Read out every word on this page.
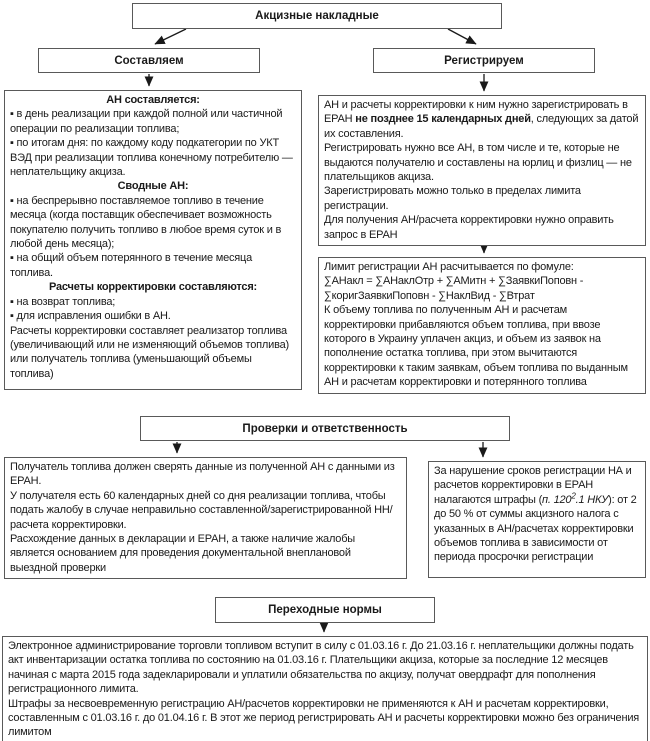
Акцизные накладные
Составляем	Регистрируем
АН составляется:
▪ в день реализации при каждой полной или частичной операции по реализации топлива;
▪ по итогам дня: по каждому коду подкатегории по УКТ ВЭД при реализации топлива конечному потребителю — неплательщику акциза.
Сводные АН:
▪ на беспрерывно поставляемое топливо в течение месяца (когда поставщик обеспечивает возможность покупателю получить топливо в любое время суток и в любой день месяца);
▪ на общий объем потерянного в течение месяца топлива.
Расчеты корректировки составляются:
▪ на возврат топлива;
▪ для исправления ошибки в АН.
Расчеты корректировки составляет реализатор топлива (увеличивающий или не изменяющий объемов топлива) или получатель топлива (уменьшающий объемы топлива)
АН и расчеты корректировки к ним нужно зарегистрировать в ЕРАН не позднее 15 календарных дней, следующих за датой их составления.
Регистрировать нужно все АН, в том числе и те, которые не выдаются получателю и составлены на юрлиц и физлиц — не плательщиков акциза.
Зарегистрировать можно только в пределах лимита регистрации.
Для получения АН/расчета корректировки нужно оправить запрос в ЕРАН
Лимит регистрации АН расчитывается по фомуле:
∑АНакл = ∑АНаклОтр + ∑АМитн + ∑ЗаявкиПоповн - ∑коригЗаявкиПоповн - ∑НаклВид - ∑Втрат
К объему топлива по полученным АН и расчетам корректировки прибавляются объем топлива, при ввозе которого в Украину уплачен акциз, и объем из заявок на пополнение остатка топлива, при этом вычитаются корректировки к таким заявкам, объем топлива по выданным АН и расчетам корректировки и потерянного топлива
Проверки и ответственность
Получатель топлива должен сверять данные из полученной АН с данными из ЕРАН.
У получателя есть 60 календарных дней со дня реализации топлива, чтобы подать жалобу в случае неправильно составленной/зарегистрированной НН/расчета корректировки.
Расхождение данных в декларации и ЕРАН, а также наличие жалобы является основанием для проведения документальной внеплановой выездной проверки
За нарушение сроков регистрации НА и расчетов корректировки в ЕРАН налагаются штрафы (п. $120^2.1$ НКУ): от 2 до 50 % от суммы акцизного налога с указанных в АН/расчетах корректировки объемов топлива в зависимости от периода просрочки регистрации
Переходные нормы
Электронное администрирование торговли топливом вступит в силу с 01.03.16 г. До 21.03.16 г. неплательщики должны подать акт инвентаризации остатка топлива по состоянию на 01.03.16 г. Плательщики акциза, которые за последние 12 месяцев начиная с марта 2015 года задекларировали и уплатили обязательства по акцизу, получат овердрафт для пополнения регистрационного лимита.
Штрафы за несвоевременную регистрацию АН/расчетов корректировки не применяются к АН и расчетам корректировки, составленным с 01.03.16 г. до 01.04.16 г. В этот же период регистрировать АН и расчеты корректировки можно без ограничения лимитом
